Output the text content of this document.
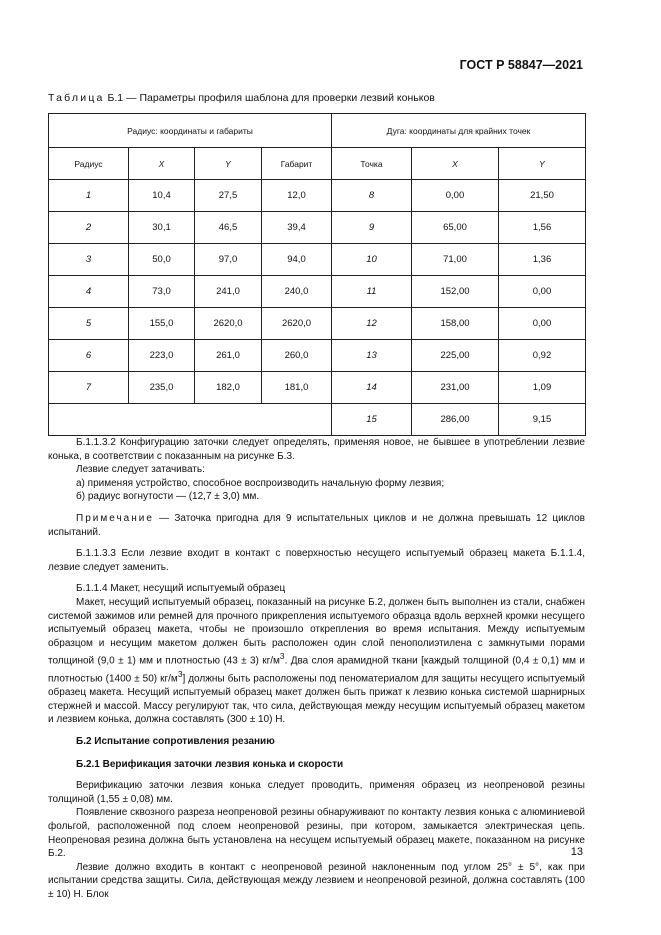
ГОСТ Р 58847—2021
Таблица Б.1 — Параметры профиля шаблона для проверки лезвий коньков
Радиус: координаты и габариты				Дуга: координаты для крайних точек		
Радиус	X	Y	Габарит	Точка	X	Y
1	10,4	27,5	12,0	8	0,00	21,50
2	30,1	46,5	39,4	9	65,00	1,56
3	50,0	97,0	94,0	10	71,00	1,36
4	73,0	241,0	240,0	11	152,00	0,00
5	155,0	2620,0	2620,0	12	158,00	0,00
6	223,0	261,0	260,0	13	225,00	0,92
7	235,0	182,0	181,0	14	231,00	1,09
				15	286,00	9,15

Б.1.1.3.2 Конфигурацию заточки следует определять, применяя новое, не бывшее в употреблении лезвие конька, в соответствии с показанным на рисунке Б.3.

Лезвие следует затачивать:

а) применяя устройство, способное воспроизводить начальную форму лезвия;

б) радиус вогнутости — (12,7 ± 3,0) мм.

Примечание — Заточка пригодна для 9 испытательных циклов и не должна превышать 12 циклов испытаний.

Б.1.1.3.3 Если лезвие входит в контакт с поверхностью несущего испытуемый образец макета Б.1.1.4, лезвие следует заменить.

Б.1.1.4 Макет, несущий испытуемый образец

Макет, несущий испытуемый образец, показанный на рисунке Б.2, должен быть выполнен из стали, снабжен системой зажимов или ремней для прочного прикрепления испытуемого образца вдоль верхней кромки несущего испытуемый образец макета, чтобы не произошло открепления во время испытания. Между испытуемым образцом и несущим макетом должен быть расположен один слой пенополиэтилена с замкнутыми порами толщиной (9,0 ± 1) мм и плотностью (43 ± 3) $кг/м^3$. Два слоя арамидной ткани [каждый толщиной (0,4 ± 0,1) мм и плотностью (1400 ± 50) $кг/м^3$] должны быть расположены под пеноматериалом для защиты несущего испытуемый образец макета. Несущий испытуемый образец макет должен быть прижат к лезвию конька системой шарнирных стержней и массой. Массу регулируют так, что сила, действующая между несущим испытуемый образец макетом и лезвием конька, должна составлять (300 ± 10) Н.

Б.2 Испытание сопротивления резанию

Б.2.1 Верификация заточки лезвия конька и скорости

Верификацию заточки лезвия конька следует проводить, применяя образец из неопреновой резины толщиной (1,55 ± 0,08) мм.

Появление сквозного разреза неопреновой резины обнаруживают по контакту лезвия конька с алюминиевой фольгой, расположенной под слоем неопреновой резины, при котором, замыкается электрическая цепь. Неопреновая резина должна быть установлена на несущем испытуемый образец макете, показанном на рисунке Б.2.

Лезвие должно входить в контакт с неопреновой резиной наклоненным под углом 25° ± 5°, как при испытании средства защиты. Сила, действующая между лезвием и неопреновой резиной, должна составлять (100 ± 10) Н. Блок

13
